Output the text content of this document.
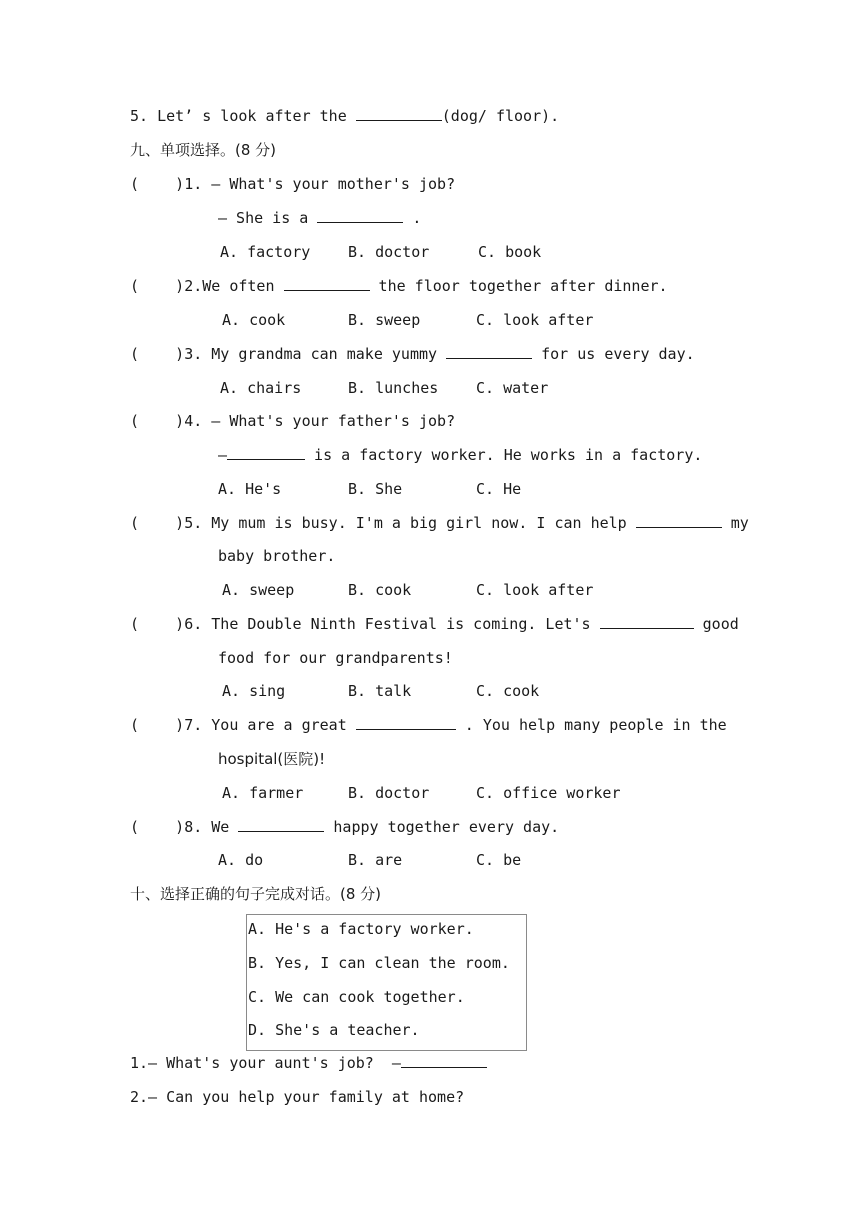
5. Let’ s look after the	(dog/ floor).
九、单项选择。(8 分)
(    )1. — What's your mother's job?
— She is a	.
A. factory	B. doctor	C. book
(    )2.We often	the floor together after dinner.
A. cook	B. sweep	C. look after
(    )3. My grandma can make yummy	for us every day.
A. chairs	B. lunches	C. water
(    )4. — What's your father's job?
—	is a factory worker. He works in a factory.
A. He's	B. She	C. He
(    )5. My mum is busy. I'm a big girl now. I can help	my
baby brother.
A. sweep	B. cook	C. look after
(    )6. The Double Ninth Festival is coming. Let's	good
food for our grandparents!
A. sing	B. talk	C. cook
(    )7. You are a great	. You help many people in the
hospital(医院)!
A. farmer	B. doctor	C. office worker
(    )8. We	happy together every day.
A. do	B. are	C. be
十、选择正确的句子完成对话。(8 分)
A. He's a factory worker.
B. Yes, I can clean the room.
C. We can cook together.
D. She's a teacher.
1.— What's your aunt's job?  —
2.— Can you help your family at home?
